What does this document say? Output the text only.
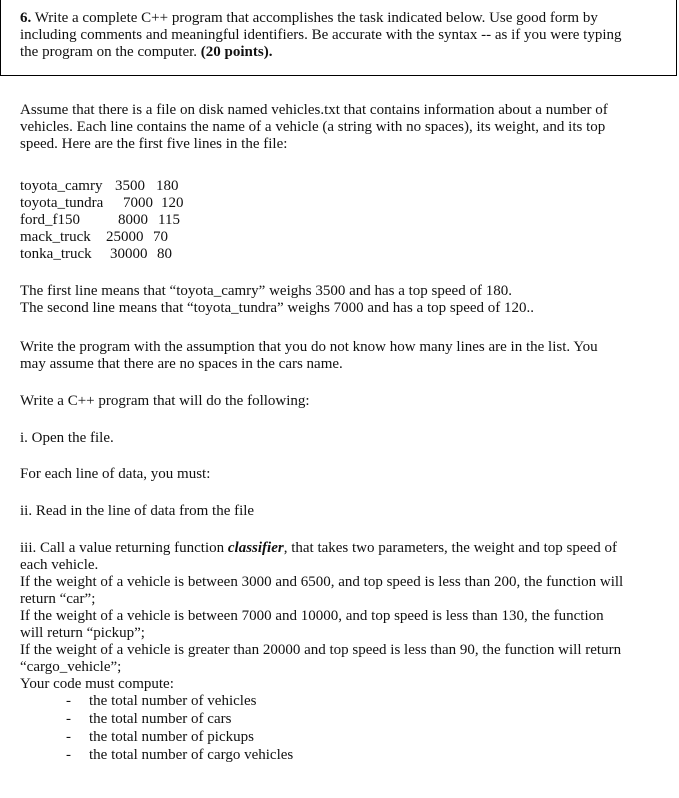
6. Write a complete C++ program that accomplishes the task indicated below. Use good form by
including comments and meaningful identifiers. Be accurate with the syntax -- as if you were typing
the program on the computer. (20 points).

Assume that there is a file on disk named vehicles.txt that contains information about a number of
vehicles. Each line contains the name of a vehicle (a string with no spaces), its weight, and its top
speed. Here are the first five lines in the file:

toyota_camry 3500 180
toyota_tundra 7000 120
ford_f150	8000 115
mack_truck 25000 70
tonka_truck 30000 80

The first line means that “toyota_camry” weighs 3500 and has a top speed of 180.
The second line means that “toyota_tundra” weighs 7000 and has a top speed of 120..

Write the program with the assumption that you do not know how many lines are in the list. You
may assume that there are no spaces in the cars name.

Write a C++ program that will do the following:

i. Open the file.

For each line of data, you must:

ii. Read in the line of data from the file

iii. Call a value returning function classifier, that takes two parameters, the weight and top speed of
each vehicle.

If the weight of a vehicle is between 3000 and 6500, and top speed is less than 200, the function will
return “car”;
If the weight of a vehicle is between 7000 and 10000, and top speed is less than 130, the function
will return “pickup”;
If the weight of a vehicle is greater than 20000 and top speed is less than 90, the function will return
“cargo_vehicle”;

Your code must compute:

- the total number of vehicles
- the total number of cars
- the total number of pickups
- the total number of cargo vehicles
